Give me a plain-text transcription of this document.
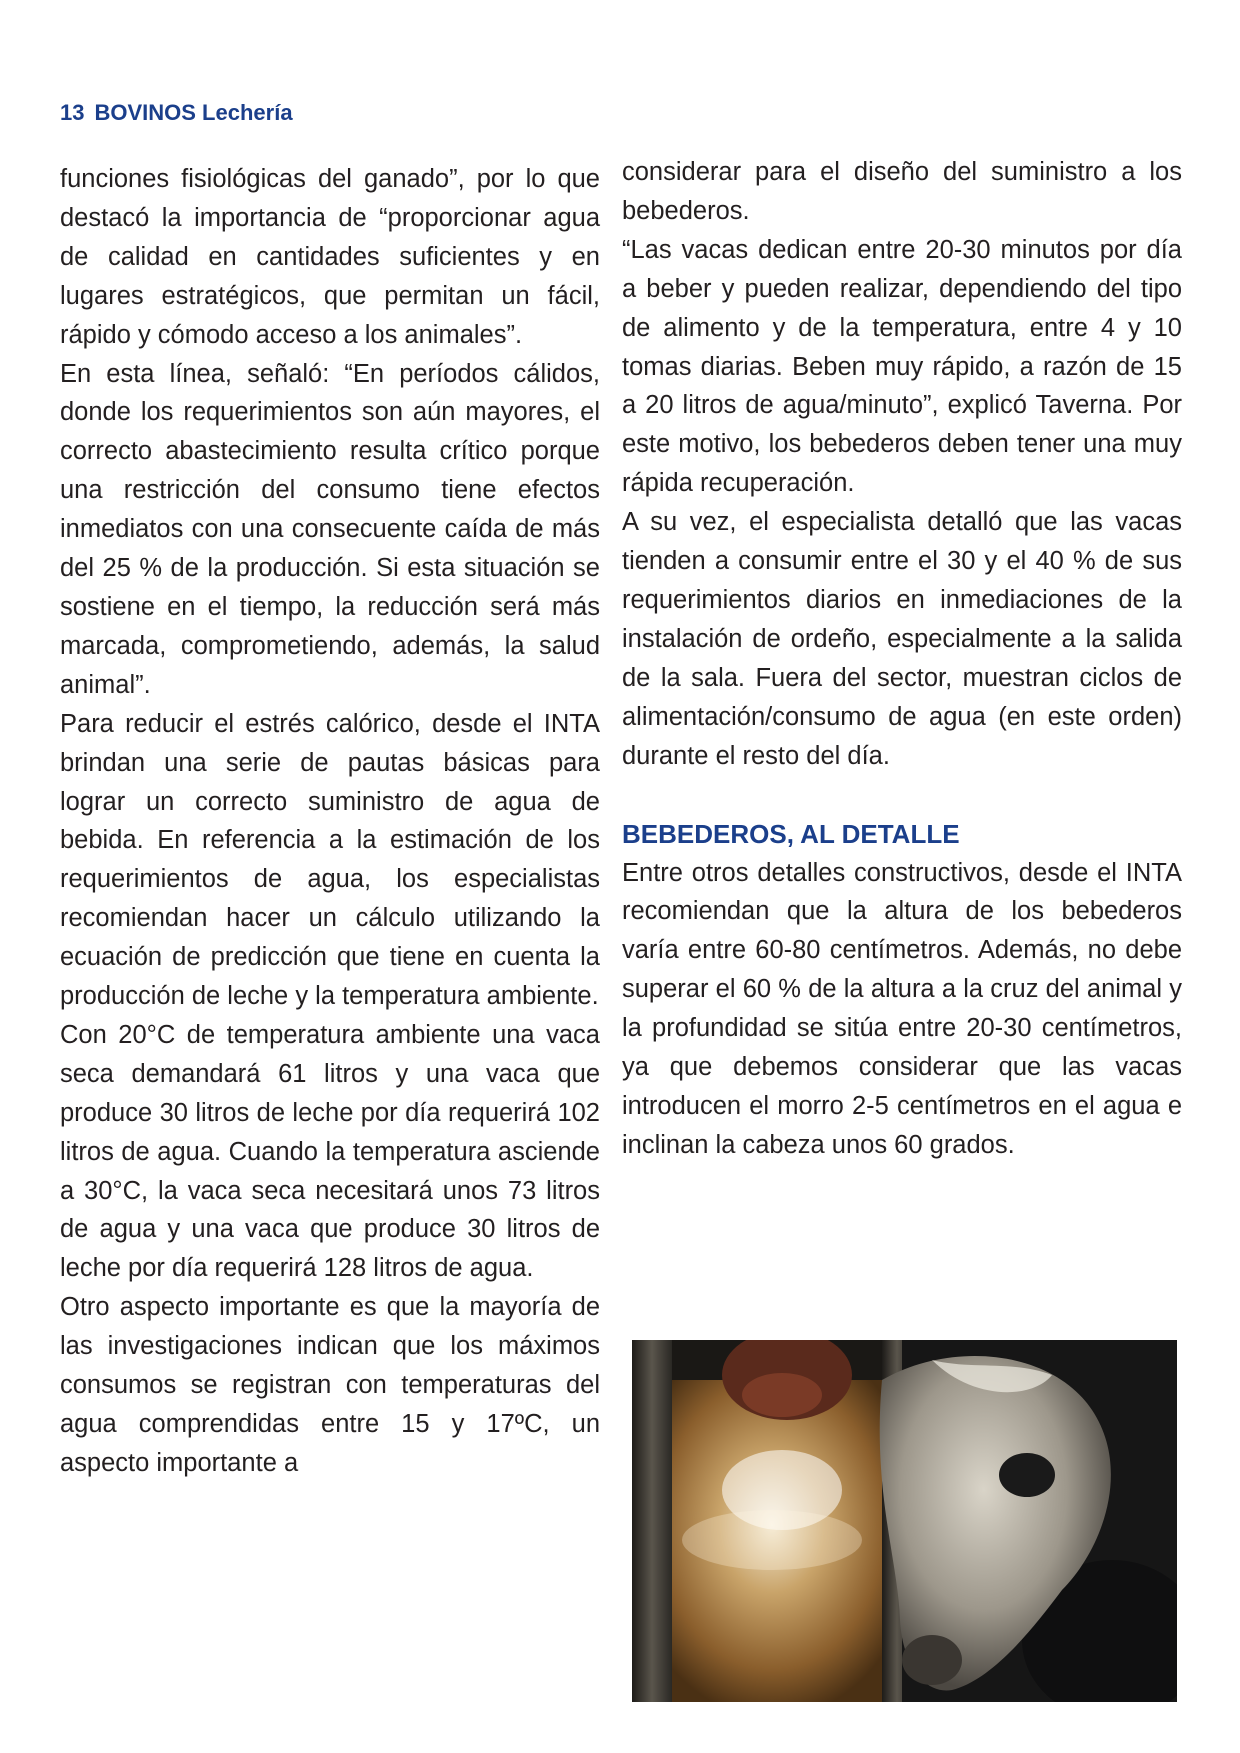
13 BOVINOS Lechería

funciones fisiológicas del ganado”, por lo que destacó la importancia de “proporcionar agua de calidad en cantidades suficientes y en lugares estratégicos, que permitan un fácil, rápido y cómodo acceso a los animales”.

En esta línea, señaló: “En períodos cálidos, donde los requerimientos son aún mayores, el correcto abastecimiento resulta crítico porque una restricción del consumo tiene efectos inmediatos con una consecuente caída de más del 25 % de la producción. Si esta situación se sostiene en el tiempo, la reducción será más marcada, comprometiendo, además, la salud animal”.

Para reducir el estrés calórico, desde el INTA brindan una serie de pautas básicas para lograr un correcto suministro de agua de bebida. En referencia a la estimación de los requerimientos de agua, los especialistas recomiendan hacer un cálculo utilizando la ecuación de predicción que tiene en cuenta la producción de leche y la temperatura ambiente.

Con 20°C de temperatura ambiente una vaca seca demandará 61 litros y una vaca que produce 30 litros de leche por día requerirá 102 litros de agua. Cuando la temperatura asciende a 30°C, la vaca seca necesitará unos 73 litros de agua y una vaca que produce 30 litros de leche por día requerirá 128 litros de agua.

Otro aspecto importante es que la mayoría de las investigaciones indican que los máximos consumos se registran con temperaturas del agua comprendidas entre 15 y 17ºC, un aspecto importante a

considerar para el diseño del suministro a los bebederos.

“Las vacas dedican entre 20-30 minutos por día a beber y pueden realizar, dependiendo del tipo de alimento y de la temperatura, entre 4 y 10 tomas diarias. Beben muy rápido, a razón de 15 a 20 litros de agua/minuto”, explicó Taverna. Por este motivo, los bebederos deben tener una muy rápida recuperación.

A su vez, el especialista detalló que las vacas tienden a consumir entre el 30 y el 40 % de sus requerimientos diarios en inmediaciones de la instalación de ordeño, especialmente a la salida de la sala. Fuera del sector, muestran ciclos de alimentación/consumo de agua (en este orden) durante el resto del día.

BEBEDEROS, AL DETALLE

Entre otros detalles constructivos, desde el INTA recomiendan que la altura de los bebederos varía entre 60-80 centímetros. Además, no debe superar el 60 % de la altura a la cruz del animal y la profundidad se sitúa entre 20-30 centímetros, ya que debemos considerar que las vacas introducen el morro 2-5 centímetros en el agua e inclinan la cabeza unos 60 grados.
